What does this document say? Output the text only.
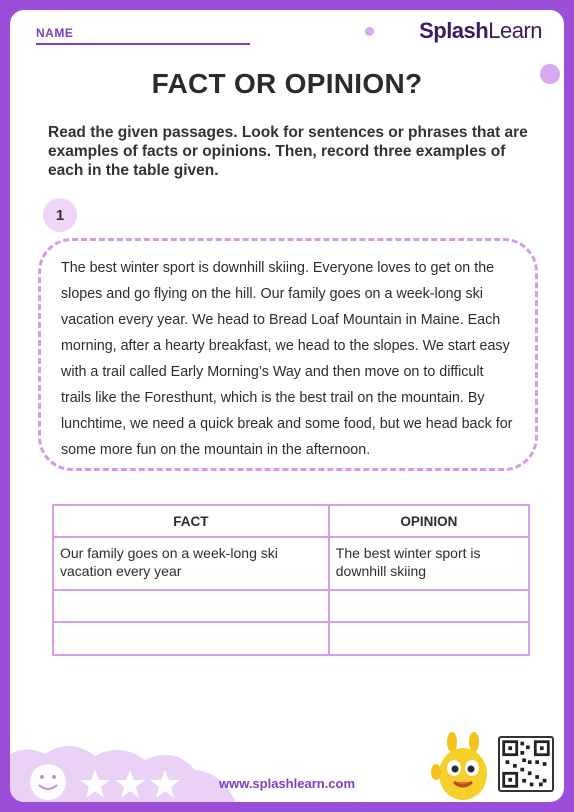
NAME	SplashLearn
FACT OR OPINION?
Read the given passages. Look for sentences or phrases that are examples of facts or opinions. Then, record three examples of each in the table given.
1
The best winter sport is downhill skiing. Everyone loves to get on the slopes and go flying on the hill. Our family goes on a week-long ski vacation every year. We head to Bread Loaf Mountain in Maine. Each morning, after a hearty breakfast, we head to the slopes. We start easy with a trail called Early Morning’s Way and then move on to difficult trails like the Foresthunt, which is the best trail on the mountain. By lunchtime, we need a quick break and some food, but we head back for some more fun on the mountain in the afternoon.
FACT	OPINION
Our family goes on a week-long ski vacation every year	The best winter sport is downhill skiing

www.splashlearn.com
